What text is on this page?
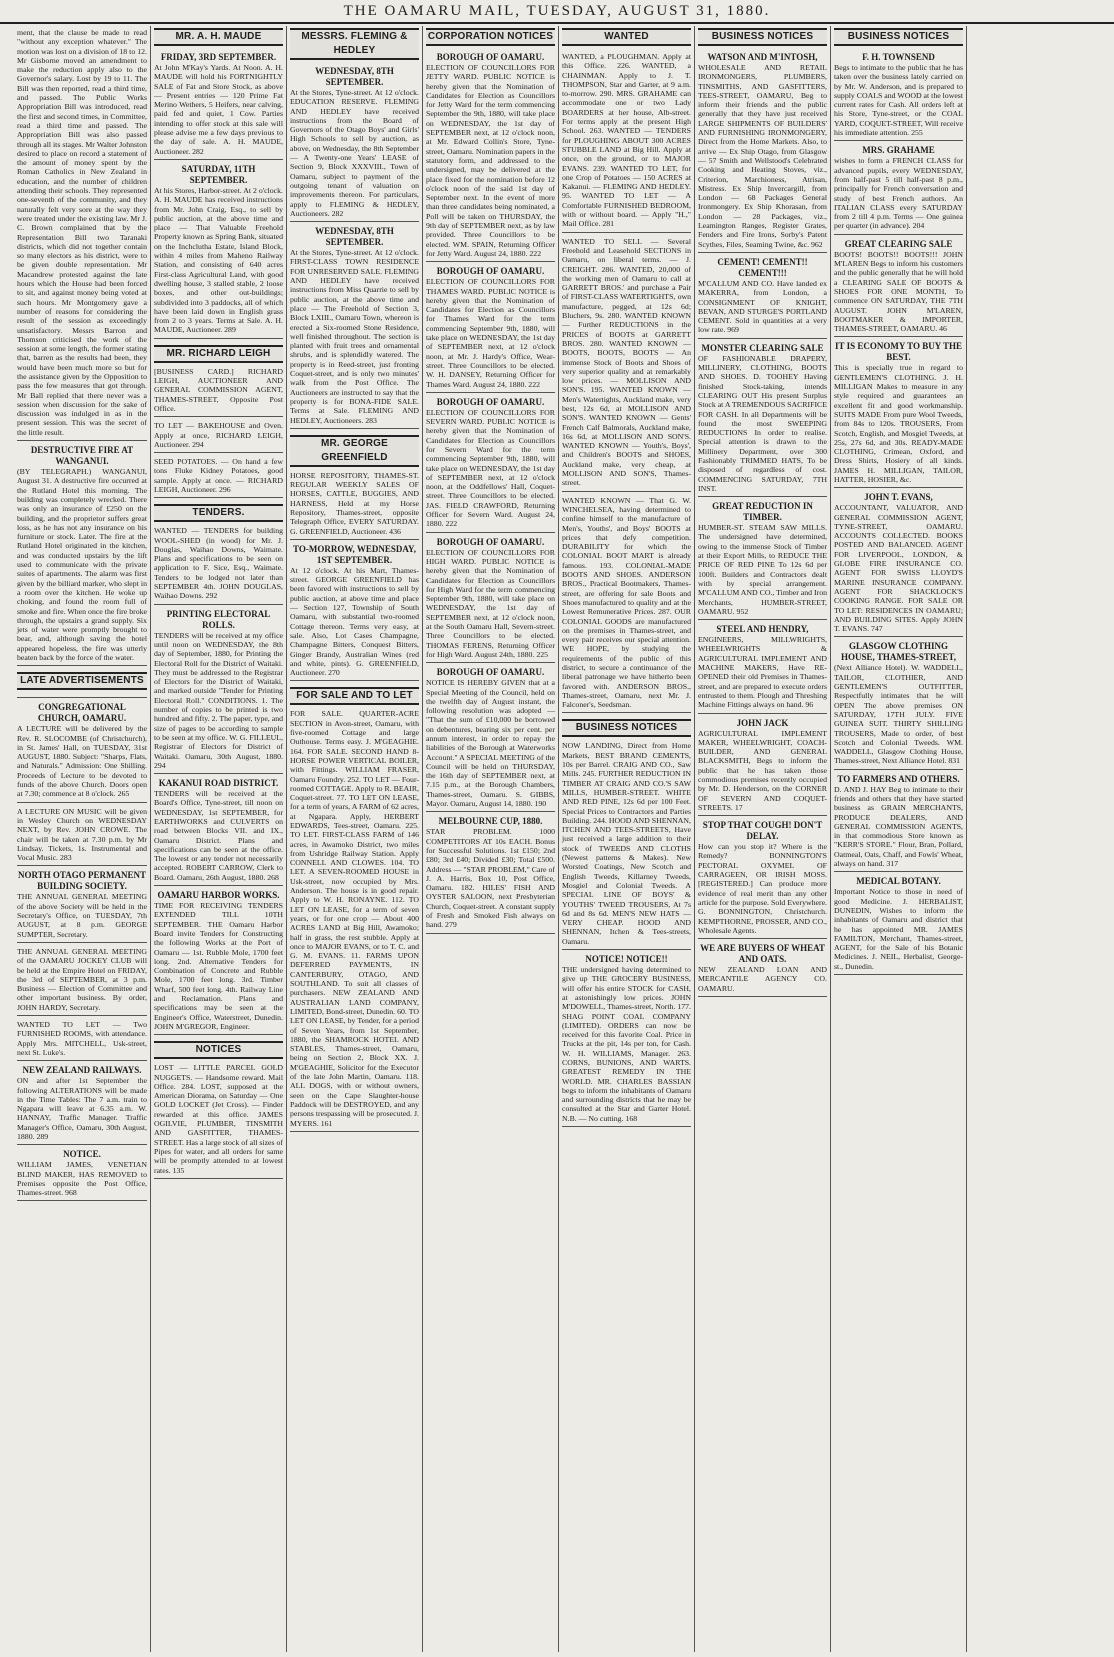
THE OAMARU MAIL, TUESDAY, AUGUST 31, 1880.

ment, that the clause be made to read "without any exception whatever." The motion was lost on a division of 18 to 12. Mr Gisborne moved an amendment to make the reduction apply also to the Governor's salary. Lost by 19 to 11. The Bill was then reported, read a third time, and passed. The Public Works Appropriation Bill was introduced, read the first and second times, in Committee, read a third time and passed. The Appropriation Bill was also passed through all its stages. Mr Walter Johnston desired to place on record a statement of the amount of money spent by the Roman Catholics in New Zealand in education, and the number of children attending their schools. They represented one-seventh of the community, and they naturally felt very sore at the way they were treated under the existing law. Mr J. C. Brown complained that by the Representation Bill two Taranaki districts, which did not together contain so many electors as his district, were to be given double representation. Mr Macandrew protested against the late hours which the House had been forced to sit, and against money being voted at such hours. Mr Montgomery gave a number of reasons for considering the result of the session as exceedingly unsatisfactory. Messrs Barron and Thomson criticised the work of the session at some length, the former stating that, barren as the results had been, they would have been much more so but for the assistance given by the Opposition to pass the few measures that got through. Mr Ball replied that there never was a session when discussion for the sake of discussion was indulged in as in the present session. This was the secret of the little result.

DESTRUCTIVE FIRE AT WANGANUI.

(BY TELEGRAPH.) WANGANUI, August 31. A destructive fire occurred at the Rutland Hotel this morning. The building was completely wrecked. There was only an insurance of £250 on the building, and the proprietor suffers great loss, as he has not any insurance on his furniture or stock. Later. The fire at the Rutland Hotel originated in the kitchen, and was conducted upstairs by the lift used to communicate with the private suites of apartments. The alarm was first given by the billiard marker, who slept in a room over the kitchen. He woke up choking, and found the room full of smoke and fire. When once the fire broke through, the upstairs a grand supply. Six jets of water were promptly brought to bear, and, although saving the hotel appeared hopeless, the fire was utterly beaten back by the force of the water.

LATE ADVERTISEMENTS
CONGREGATIONAL CHURCH, OAMARU.

A LECTURE will be delivered by the Rev. R. SLOCOMBE (of Christchurch), in St. James' Hall, on TUESDAY, 31st AUGUST, 1880. Subject: "Sharps, Flats, and Naturals." Admission: One Shilling. Proceeds of Lecture to be devoted to funds of the above Church. Doors open at 7.30; commence at 8 o'clock. 265

A LECTURE ON MUSIC will be given in Wesley Church on WEDNESDAY NEXT, by Rev. JOHN CROWE. The chair will be taken at 7.30 p.m. by Mr Lindsay. Tickets, 1s. Instrumental and Vocal Music. 283

NORTH OTAGO PERMANENT BUILDING SOCIETY.

THE ANNUAL GENERAL MEETING of the above Society will be held in the Secretary's Office, on TUESDAY, 7th AUGUST, at 8 p.m. GEORGE SUMPTER, Secretary.

THE ANNUAL GENERAL MEETING of the OAMARU JOCKEY CLUB will be held at the Empire Hotel on FRIDAY, the 3rd of SEPTEMBER, at 3 p.m. Business — Election of Committee and other important business. By order, JOHN HARDY, Secretary.

WANTED TO LET — Two FURNISHED ROOMS, with attendance. Apply Mrs. MITCHELL, Usk-street, next St. Luke's.

NEW ZEALAND RAILWAYS.

ON and after 1st September the following ALTERATIONS will be made in the Time Tables: The 7 a.m. train to Ngapara will leave at 6.35 a.m. W. HANNAY, Traffic Manager. Traffic Manager's Office, Oamaru, 30th August, 1880. 289

NOTICE.

WILLIAM JAMES, VENETIAN BLIND MAKER, HAS REMOVED to Premises opposite the Post Office, Thames-street. 968

MR. A. H. MAUDE
FRIDAY, 3RD SEPTEMBER.

At John M'Kay's Yards. At Noon. A. H. MAUDE will hold his FORTNIGHTLY SALE of Fat and Store Stock, as above — Present entries — 120 Prime Fat Merino Wethers, 5 Heifers, near calving, paid fed and quiet, 1 Cow. Parties intending to offer stock at this sale will please advise me a few days previous to the day of sale. A. H. MAUDE, Auctioneer. 282

SATURDAY, 11TH SEPTEMBER.

At his Stores, Harbor-street. At 2 o'clock. A. H. MAUDE has received instructions from Mr. John Craig, Esq., to sell by public auction, at the above time and place — That Valuable Freehold Property known as Spring Bank, situated on the Inchclutha Estate, Island Block, within 4 miles from Maheno Railway Station, and consisting of 640 acres First-class Agricultural Land, with good dwelling house, 3 stalled stable, 2 loose boxes, and other out-buildings; subdivided into 3 paddocks, all of which have been laid down in English grass from 2 to 3 years. Terms at Sale. A. H. MAUDE, Auctioneer. 289

MR. RICHARD LEIGH

[BUSINESS CARD.] RICHARD LEIGH, AUCTIONEER AND GENERAL COMMISSION AGENT, THAMES-STREET, Opposite Post Office.

TO LET — BAKEHOUSE and Oven. Apply at once, RICHARD LEIGH, Auctioneer. 294

SEED POTATOES. — On hand a few tons Fluke Kidney Potatoes, good sample. Apply at once. — RICHARD LEIGH, Auctioneer. 296

TENDERS.

WANTED — TENDERS for building WOOL-SHED (in wood) for Mr. J. Douglas, Waihao Downs, Waimate. Plans and specifications to be seen on application to F. Sice, Esq., Waimate. Tenders to be lodged not later than SEPTEMBER 4th. JOHN DOUGLAS, Waihao Downs. 292

PRINTING ELECTORAL ROLLS.

TENDERS will be received at my office until noon on WEDNESDAY, the 8th day of September, 1880, for Printing the Electoral Roll for the District of Waitaki. They must be addressed to the Registrar of Electors for the District of Waitaki, and marked outside "Tender for Printing Electoral Roll." CONDITIONS. 1. The number of copies to be printed is two hundred and fifty. 2. The paper, type, and size of pages to be according to sample to be seen at my office. W. G. FILLEUL, Registrar of Electors for District of Waitaki. Oamaru, 30th August, 1880. 294

KAKANUI ROAD DISTRICT.

TENDERS will be received at the Board's Office, Tyne-street, till noon on WEDNESDAY, 1st SEPTEMBER, for EARTHWORKS and CULVERTS on road between Blocks VII. and IX., Oamaru District. Plans and specifications can be seen at the office. The lowest or any tender not necessarily accepted. ROBERT CARROW, Clerk to Board. Oamaru, 26th August, 1880. 268

OAMARU HARBOR WORKS.

TIME FOR RECEIVING TENDERS EXTENDED TILL 10TH SEPTEMBER. THE Oamaru Harbor Board invite Tenders for Constructing the following Works at the Port of Oamaru — 1st. Rubble Mole, 1700 feet long. 2nd. Alternative Tenders for Combination of Concrete and Rubble Mole, 1700 feet long. 3rd. Timber Wharf, 500 feet long. 4th. Railway Line and Reclamation. Plans and specifications may be seen at the Engineer's Office, Waterstreet, Dunedin. JOHN M'GREGOR, Engineer.

NOTICES

LOST — LITTLE PARCEL GOLD NUGGETS. — Handsome reward. Mail Office. 284. LOST, supposed at the American Diorama, on Saturday — One GOLD LOCKET (Jet Cross). — Finder rewarded at this office. JAMES OGILVIE, PLUMBER, TINSMITH AND GASFITTER, THAMES-STREET. Has a large stock of all sizes of Pipes for water, and all orders for same will be promptly attended to at lowest rates. 135

MESSRS. FLEMING & HEDLEY
WEDNESDAY, 8TH SEPTEMBER.

At the Stores, Tyne-street. At 12 o'clock. EDUCATION RESERVE. FLEMING AND HEDLEY have received instructions from the Board of Governors of the Otago Boys' and Girls' High Schools to sell by auction, as above, on Wednesday, the 8th September — A Twenty-one Years' LEASE of Section 9, Block XXXVIII., Town of Oamaru, subject to payment of the outgoing tenant of valuation on improvements thereon. For particulars, apply to FLEMING & HEDLEY, Auctioneers. 282

WEDNESDAY, 8TH SEPTEMBER.

At the Stores, Tyne-street. At 12 o'clock. FIRST-CLASS TOWN RESIDENCE FOR UNRESERVED SALE. FLEMING AND HEDLEY have received instructions from Miss Quarrie to sell by public auction, at the above time and place — The Freehold of Section 3, Block LXIII., Oamaru Town, whereon is erected a Six-roomed Stone Residence, well finished throughout. The section is planted with fruit trees and ornamental shrubs, and is splendidly watered. The property is in Reed-street, just fronting Coquet-street, and is only two minutes' walk from the Post Office. The Auctioneers are instructed to say that the property is for BONA-FIDE SALE. Terms at Sale. FLEMING AND HEDLEY, Auctioneers. 283

MR. GEORGE GREENFIELD

HORSE REPOSITORY, THAMES-ST. REGULAR WEEKLY SALES OF HORSES, CATTLE, BUGGIES, AND HARNESS, Held at my Horse Repository, Thames-street, opposite Telegraph Office, EVERY SATURDAY. G. GREENFIELD, Auctioneer. 436

TO-MORROW, WEDNESDAY, 1ST SEPTEMBER.

At 12 o'clock. At his Mart, Thames-street. GEORGE GREENFIELD has been favored with instructions to sell by public auction, at above time and place — Section 127, Township of South Oamaru, with substantial two-roomed Cottage thereon. Terms very easy, at sale. Also, Lot Cases Champagne, Champagne Bitters, Conquest Bitters, Ginger Brandy, Australian Wines (red and white, pints). G. GREENFIELD, Auctioneer. 270

FOR SALE AND TO LET

FOR SALE. QUARTER-ACRE SECTION in Avon-street, Oamaru, with five-roomed Cottage and large Outhouse. Terms easy. J. M'GEAGHIE. 164. FOR SALE. SECOND HAND 8-HORSE POWER VERTICAL BOILER, with Fittings. WILLIAM FRASER, Oamaru Foundry. 252. TO LET — Four-roomed COTTAGE. Apply to R. BEAIR, Coquet-street. 77. TO LET ON LEASE, for a term of years, A FARM of 62 acres, at Ngapara. Apply, HERBERT EDWARDS, Tees-street, Oamaru. 225. TO LET. FIRST-CLASS FARM of 146 acres, in Awamoko District, two miles from Ushridge Railway Station. Apply CONNELL AND CLOWES. 104. TO LET. A SEVEN-ROOMED HOUSE in Usk-street, now occupied by Mrs. Anderson. The house is in good repair. Apply to W. H. RONAYNE. 112. TO LET ON LEASE, for a term of seven years, or for one crop — About 400 ACRES LAND at Big Hill, Awamoko; half in grass, the rest stubble. Apply at once to MAJOR EVANS, or to T. C. and G. M. EVANS. 11. FARMS UPON DEFERRED PAYMENTS, IN CANTERBURY, OTAGO, AND SOUTHLAND. To suit all classes of purchasers. NEW ZEALAND AND AUSTRALIAN LAND COMPANY, LIMITED, Bond-street, Dunedin. 60. TO LET ON LEASE, by Tender, for a period of Seven Years, from 1st September, 1880, the SHAMROCK HOTEL AND STABLES, Thames-street, Oamaru, being on Section 2, Block XX. J. M'GEAGHIE, Solicitor for the Executor of the late John Martin, Oamaru. 118. ALL DOGS, with or without owners, seen on the Cape Slaughter-house Paddock will be DESTROYED, and any persons trespassing will be prosecuted. J. MYERS. 161

CORPORATION NOTICES
BOROUGH OF OAMARU.

ELECTION OF COUNCILLORS FOR JETTY WARD. PUBLIC NOTICE is hereby given that the Nomination of Candidates for Election as Councillors for Jetty Ward for the term commencing September the 9th, 1880, will take place on WEDNESDAY, the 1st day of SEPTEMBER next, at 12 o'clock noon, at Mr. Edward Collin's Store, Tyne-street, Oamaru. Nomination papers in the statutory form, and addressed to the undersigned, may be delivered at the place fixed for the nomination before 12 o'clock noon of the said 1st day of September next. In the event of more than three candidates being nominated, a Poll will be taken on THURSDAY, the 9th day of SEPTEMBER next, as by law provided. Three Councillors to be elected. WM. SPAIN, Returning Officer for Jetty Ward. August 24, 1880. 222

BOROUGH OF OAMARU.

ELECTION OF COUNCILLORS FOR THAMES WARD. PUBLIC NOTICE is hereby given that the Nomination of Candidates for Election as Councillors for Thames Ward for the term commencing September 9th, 1880, will take place on WEDNESDAY, the 1st day of SEPTEMBER next, at 12 o'clock noon, at Mr. J. Hardy's Office, Wear-street. Three Councillors to be elected. W. H. DANSEY, Returning Officer for Thames Ward. August 24, 1880. 222

BOROUGH OF OAMARU.

ELECTION OF COUNCILLORS FOR SEVERN WARD. PUBLIC NOTICE is hereby given that the Nomination of Candidates for Election as Councillors for Severn Ward for the term commencing September 9th, 1880, will take place on WEDNESDAY, the 1st day of SEPTEMBER next, at 12 o'clock noon, at the Oddfellows' Hall, Coquet-street. Three Councillors to be elected. JAS. FIELD CRAWFORD, Returning Officer for Severn Ward. August 24, 1880. 222

BOROUGH OF OAMARU.

ELECTION OF COUNCILLORS FOR HIGH WARD. PUBLIC NOTICE is hereby given that the Nomination of Candidates for Election as Councillors for High Ward for the term commencing September 9th, 1880, will take place on WEDNESDAY, the 1st day of SEPTEMBER next, at 12 o'clock noon, at the South Oamaru Hall, Severn-street. Three Councillors to be elected. THOMAS FERENS, Returning Officer for High Ward. August 24th, 1880. 225

BOROUGH OF OAMARU.

NOTICE IS HEREBY GIVEN that at a Special Meeting of the Council, held on the twelfth day of August instant, the following resolution was adopted — "That the sum of £10,000 be borrowed on debentures, bearing six per cent. per annum interest, in order to repay the liabilities of the Borough at Waterworks Account." A SPECIAL MEETING of the Council will be held on THURSDAY, the 16th day of SEPTEMBER next, at 7.15 p.m., at the Borough Chambers, Thames-street, Oamaru. S. GIBBS, Mayor. Oamaru, August 14, 1880. 190

MELBOURNE CUP, 1880.

STAR PROBLEM. 1000 COMPETITORS AT 10s EACH. Bonus for Successful Solutions. 1st £150; 2nd £80; 3rd £40; Divided £30; Total £500. Address — "STAR PROBLEM," Care of J. A. Harris, Box 10, Post Office, Oamaru. 182. HILES' FISH AND OYSTER SALOON, next Presbyterian Church, Coquet-street. A constant supply of Fresh and Smoked Fish always on hand. 279

WANTED

WANTED, a PLOUGHMAN. Apply at this Office. 226. WANTED, a CHAINMAN. Apply to J. T. THOMPSON, Star and Garter, at 9 a.m. to-morrow. 290. MRS. GRAHAME can accommodate one or two Lady BOARDERS at her house, Alb-street. For terms apply at the present High School. 263. WANTED — TENDERS for PLOUGHING ABOUT 300 ACRES STUBBLE LAND at Big Hill. Apply at once, on the ground, or to MAJOR EVANS. 239. WANTED TO LET, for one Crop of Potatoes — 150 ACRES at Kakanui. — FLEMING AND HEDLEY. 95. WANTED TO LET — A Comfortable FURNISHED BEDROOM, with or without board. — Apply "H.," Mail Office. 281

WANTED TO SELL — Several Freehold and Leasehold SECTIONS in Oamaru, on liberal terms. — J. CREIGHT. 286. WANTED, 20,000 of the working men of Oamaru to call at GARRETT BROS.' and purchase a Pair of FIRST-CLASS WATERTIGHTS, own manufacture, pegged, at 12s 6d; Bluchers, 9s. 280. WANTED KNOWN — Further REDUCTIONS in the PRICES of BOOTS at GARRETT BROS. 280. WANTED KNOWN — BOOTS, BOOTS, BOOTS — An immense Stock of Boots and Shoes of very superior quality and at remarkably low prices. — MOLLISON AND SON'S. 195. WANTED KNOWN — Men's Watertights, Auckland make, very best, 12s 6d, at MOLLISON AND SON'S. WANTED KNOWN — Gents' French Calf Balmorals, Auckland make, 16s 6d, at MOLLISON AND SON'S. WANTED KNOWN — Youth's, Boys', and Children's BOOTS and SHOES, Auckland make, very cheap, at MOLLISON AND SON'S, Thames-street.

WANTED KNOWN — That G. W. WINCHELSEA, having determined to confine himself to the manufacture of Men's, Youths', and Boys' BOOTS at prices that defy competition. DURABILITY for which the COLONIAL BOOT MART is already famous. 193. COLONIAL-MADE BOOTS AND SHOES. ANDERSON BROS., Practical Bootmakers, Thames-street, are offering for sale Boots and Shoes manufactured to quality and at the Lowest Remunerative Prices. 287. OUR COLONIAL GOODS are manufactured on the premises in Thames-street, and every pair receives our special attention. WE HOPE, by studying the requirements of the public of this district, to secure a continuance of the liberal patronage we have hitherto been favored with. ANDERSON BROS., Thames-street, Oamaru, next Mr. J. Falconer's, Seedsman.

BUSINESS NOTICES

NOW LANDING, Direct from Home Markets, BEST BRAND CEMENTS, 10s per Barrel. CRAIG AND CO., Saw Mills. 245. FURTHER REDUCTION IN TIMBER AT CRAIG AND CO.'S SAW MILLS, HUMBER-STREET. WHITE AND RED PINE, 12s 6d per 100 Feet. Special Prices to Contractors and Parties Building. 244. HOOD AND SHENNAN, ITCHEN AND TEES-STREETS, Have just received a large addition to their stock of TWEEDS AND CLOTHS (Newest patterns & Makes). New Worsted Coatings, New Scotch and English Tweeds, Killarney Tweeds, Mosgiel and Colonial Tweeds. A SPECIAL LINE OF BOYS' & YOUTHS' TWEED TROUSERS, At 7s 6d and 8s 6d. MEN'S NEW HATS — VERY CHEAP. HOOD AND SHENNAN, Itchen & Tees-streets, Oamaru.

NOTICE! NOTICE!!

THE undersigned having determined to give up THE GROCERY BUSINESS, will offer his entire STOCK for CASH, at astonishingly low prices. JOHN M'DOWELL, Thames-street, North. 177. SHAG POINT COAL COMPANY (LIMITED). ORDERS can now be received for this favorite Coal. Price in Trucks at the pit, 14s per ton, for Cash. W. H. WILLIAMS, Manager. 263. CORNS, BUNIONS, AND WARTS. GREATEST REMEDY IN THE WORLD. MR. CHARLES BASSIAN begs to inform the inhabitants of Oamaru and surrounding districts that he may be consulted at the Star and Garter Hotel. N.B. — No cutting. 168

BUSINESS NOTICES
WATSON AND M'INTOSH,

WHOLESALE AND RETAIL IRONMONGERS, PLUMBERS, TINSMITHS, AND GASFITTERS, TEES-STREET, OAMARU, Beg to inform their friends and the public generally that they have just received LARGE SHIPMENTS OF BUILDERS' AND FURNISHING IRONMONGERY, Direct from the Home Markets. Also, to arrive — Ex Ship Otago, from Glasgow — 57 Smith and Wellstood's Celebrated Cooking and Heating Stoves, viz., Criterion, Marchioness, Atrisan, Mistress. Ex Ship Invercargill, from London — 68 Packages General Ironmongery. Ex Ship Khorasan, from London — 28 Packages, viz., Leamington Ranges, Register Grates, Fenders and Fire Irons, Sorby's Patent Scythes, Files, Seaming Twine, &c. 962

CEMENT! CEMENT!! CEMENT!!!

M'CALLUM AND CO. Have landed ex MAKERRA, from London, a CONSIGNMENT OF KNIGHT, BEVAN, AND STURGE'S PORTLAND CEMENT. Sold in quantities at a very low rate. 969

MONSTER CLEARING SALE

OF FASHIONABLE DRAPERY, MILLINERY, CLOTHING, BOOTS AND SHOES. D. TOOHEY Having finished Stock-taking, intends CLEARING OUT His present Surplus Stock at A TREMENDOUS SACRIFICE FOR CASH. In all Departments will be found the most SWEEPING REDUCTIONS In order to realise. Special attention is drawn to the Millinery Department, over 300 Fashionably TRIMMED HATS, To be disposed of regardless of cost. COMMENCING SATURDAY, 7TH INST.

GREAT REDUCTION IN TIMBER.

HUMBER-ST. STEAM SAW MILLS. The undersigned have determined, owing to the immense Stock of Timber at their Export Mills, to REDUCE THE PRICE OF RED PINE To 12s 6d per 100ft. Builders and Contractors dealt with by special arrangement. M'CALLUM AND CO., Timber and Iron Merchants, HUMBER-STREET, OAMARU. 952

STEEL AND HENDRY,

ENGINEERS, MILLWRIGHTS, WHEELWRIGHTS & AGRICULTURAL IMPLEMENT AND MACHINE MAKERS, Have RE-OPENED their old Premises in Thames-street, and are prepared to execute orders entrusted to them. Plough and Threshing Machine Fittings always on hand. 96

JOHN JACK

AGRICULTURAL IMPLEMENT MAKER, WHEELWRIGHT, COACH-BUILDER, AND GENERAL BLACKSMITH, Begs to inform the public that he has taken those commodious premises recently occupied by Mr. D. Henderson, on the CORNER OF SEVERN AND COQUET-STREETS. 17

STOP THAT COUGH! DON'T DELAY.

How can you stop it? Where is the Remedy? BONNINGTON'S PECTORAL OXYMEL OF CARRAGEEN, OR IRISH MOSS. [REGISTERED.] Can produce more evidence of real merit than any other article for the purpose. Sold Everywhere. G. BONNINGTON, Christchurch. KEMPTHORNE, PROSSER, AND CO., Wholesale Agents.

WE ARE BUYERS OF WHEAT AND OATS.

NEW ZEALAND LOAN AND MERCANTILE AGENCY CO. OAMARU.

BUSINESS NOTICES
F. H. TOWNSEND

Begs to intimate to the public that he has taken over the business lately carried on by Mr. W. Anderson, and is prepared to supply COALS and WOOD at the lowest current rates for Cash. All orders left at his Store, Tyne-street, or the COAL YARD, COQUET-STREET, Will receive his immediate attention. 255

MRS. GRAHAME

wishes to form a FRENCH CLASS for advanced pupils, every WEDNESDAY, from half-past 5 till half-past 8 p.m., principally for French conversation and study of best French authors. An ITALIAN CLASS every SATURDAY from 2 till 4 p.m. Terms — One guinea per quarter (in advance). 204

GREAT CLEARING SALE

BOOTS! BOOTS!! BOOTS!!! JOHN M'LAREN Begs to inform his customers and the public generally that he will hold a CLEARING SALE OF BOOTS & SHOES FOR ONE MONTH, To commence ON SATURDAY, THE 7TH AUGUST. JOHN M'LAREN, BOOTMAKER & IMPORTER, THAMES-STREET, OAMARU. 46

IT IS ECONOMY TO BUY THE BEST.

This is specially true in regard to GENTLEMEN'S CLOTHING. J. H. MILLIGAN Makes to measure in any style required and guarantees an excellent fit and good workmanship. SUITS MADE From pure Wool Tweeds, from 84s to 120s. TROUSERS, From Scotch, English, and Mosgiel Tweeds, at 25s, 27s 6d, and 30s. READY-MADE CLOTHING, Crimean, Oxford, and Dress Shirts, Hosiery of all kinds. JAMES H. MILLIGAN, TAILOR, HATTER, HOSIER, &c.

JOHN T. EVANS,

ACCOUNTANT, VALUATOR, AND GENERAL COMMISSION AGENT, TYNE-STREET, OAMARU. ACCOUNTS COLLECTED. BOOKS POSTED AND BALANCED. AGENT FOR LIVERPOOL, LONDON, & GLOBE FIRE INSURANCE CO. AGENT FOR SWISS LLOYD'S MARINE INSURANCE COMPANY. AGENT FOR SHACKLOCK'S COOKING RANGE. FOR SALE OR TO LET: RESIDENCES IN OAMARU; AND BUILDING SITES. Apply JOHN T. EVANS. 747

GLASGOW CLOTHING HOUSE, THAMES-STREET,

(Next Alliance Hotel). W. WADDELL, TAILOR, CLOTHIER, AND GENTLEMEN'S OUTFITTER, Respectfully intimates that he will OPEN The above premises ON SATURDAY, 17TH JULY. FIVE GUINEA SUIT. THIRTY SHILLING TROUSERS, Made to order, of best Scotch and Colonial Tweeds. WM. WADDELL, Glasgow Clothing House, Thames-street, Next Alliance Hotel. 831

TO FARMERS AND OTHERS.

D. AND J. HAY Beg to intimate to their friends and others that they have started business as GRAIN MERCHANTS, PRODUCE DEALERS, AND GENERAL COMMISSION AGENTS, in that commodious Store known as "KERR'S STORE." Flour, Bran, Pollard, Oatmeal, Oats, Chaff, and Fowls' Wheat, always on hand. 317

MEDICAL BOTANY.

Important Notice to those in need of good Medicine. J. HERBALIST, DUNEDIN, Wishes to inform the inhabitants of Oamaru and district that he has appointed MR. JAMES FAMILTON, Merchant, Thames-street, AGENT, for the Sale of his Botanic Medicines. J. NEIL, Herbalist, George-st., Dunedin.
